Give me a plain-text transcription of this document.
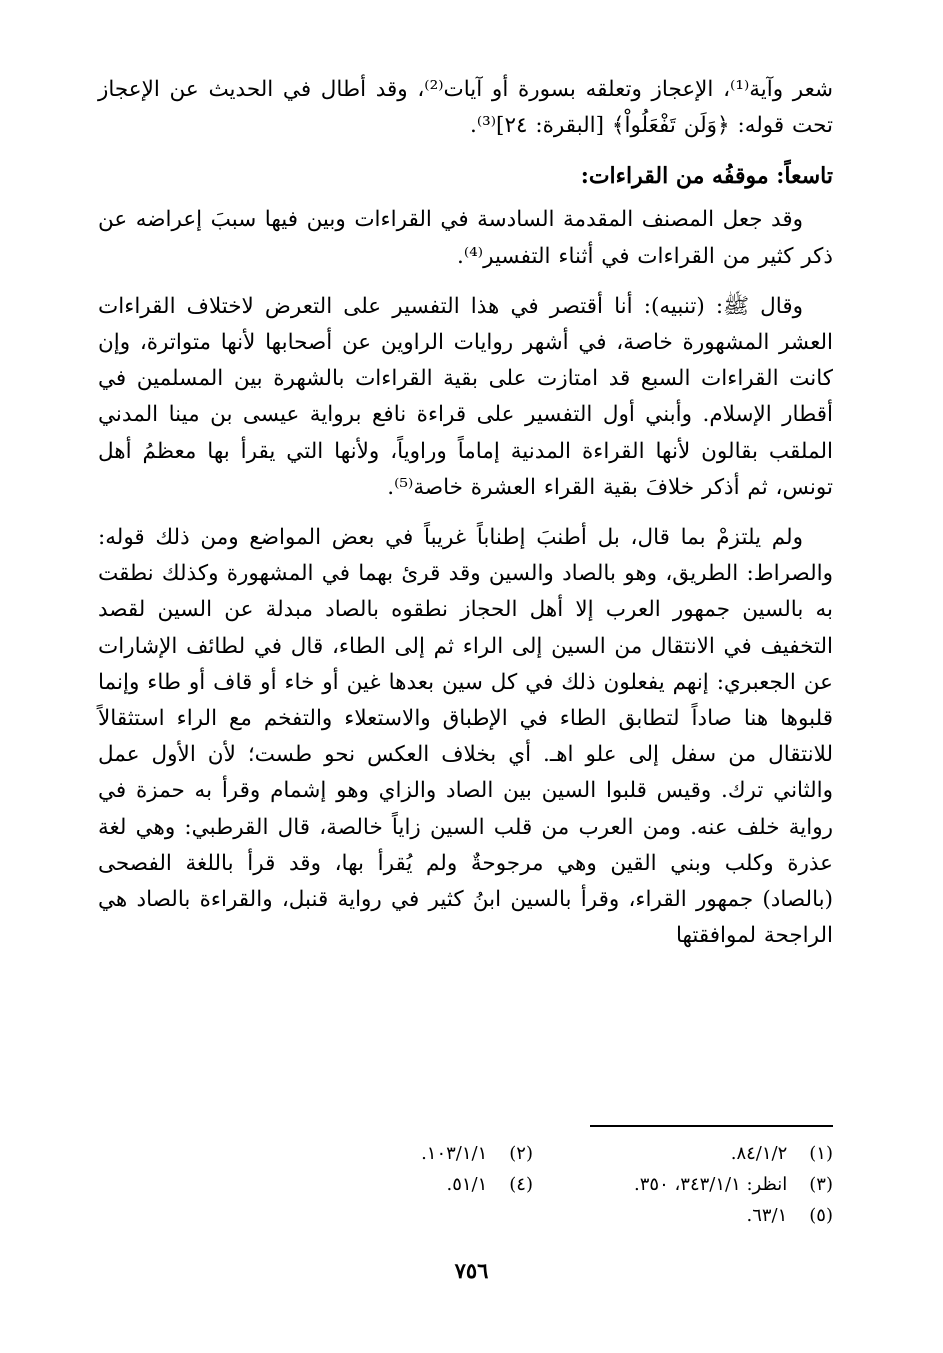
شعر وآية⁽¹⁾، الإعجاز وتعلقه بسورة أو آيات⁽²⁾، وقد أطال في الحديث عن الإعجاز تحت قوله: ﴿وَلَن تَفْعَلُواْ﴾ [البقرة: ٢٤]⁽³⁾.

تاسعاً: موقفُه من القراءات:

وقد جعل المصنف المقدمة السادسة في القراءات وبين فيها سببَ إعراضه عن ذكر كثير من القراءات في أثناء التفسير⁽⁴⁾.

وقال ﷺ: (تنبيه): أنا أقتصر في هذا التفسير على التعرض لاختلاف القراءات العشر المشهورة خاصة، في أشهر روايات الراوين عن أصحابها لأنها متواترة، وإن كانت القراءات السبع قد امتازت على بقية القراءات بالشهرة بين المسلمين في أقطار الإسلام. وأبني أول التفسير على قراءة نافع برواية عيسى بن مينا المدني الملقب بقالون لأنها القراءة المدنية إماماً وراوياً، ولأنها التي يقرأ بها معظمُ أهل تونس، ثم أذكر خلافَ بقية القراء العشرة خاصة⁽⁵⁾.

ولم يلتزمْ بما قال، بل أطنبَ إطناباً غريباً في بعض المواضع ومن ذلك قوله: والصراط: الطريق، وهو بالصاد والسين وقد قرئ بهما في المشهورة وكذلك نطقت به بالسين جمهور العرب إلا أهل الحجاز نطقوه بالصاد مبدلة عن السين لقصد التخفيف في الانتقال من السين إلى الراء ثم إلى الطاء، قال في لطائف الإشارات عن الجعبري: إنهم يفعلون ذلك في كل سين بعدها غين أو خاء أو قاف أو طاء وإنما قلبوها هنا صاداً لتطابق الطاء في الإطباق والاستعلاء والتفخم مع الراء استثقالاً للانتقال من سفل إلى علو اهـ. أي بخلاف العكس نحو طست؛ لأن الأول عمل والثاني ترك. وقيس قلبوا السين بين الصاد والزاي وهو إشمام وقرأ به حمزة في رواية خلف عنه. ومن العرب من قلب السين زاياً خالصة، قال القرطبي: وهي لغة عذرة وكلب وبني القين وهي مرجوحةٌ ولم يُقرأ بها، وقد قرأ باللغة الفصحى (بالصاد) جمهور القراء، وقرأ بالسين ابنُ كثير في رواية قنبل، والقراءة بالصاد هي الراجحة لموافقتها

(١) ٨٤/١/٢.
(٢) ١٠٣/١/١.
(٣) انظر: ٣٤٣/١/١، ٣٥٠.
(٤) ٥١/١.
(٥) ٦٣/١.
٧٥٦
